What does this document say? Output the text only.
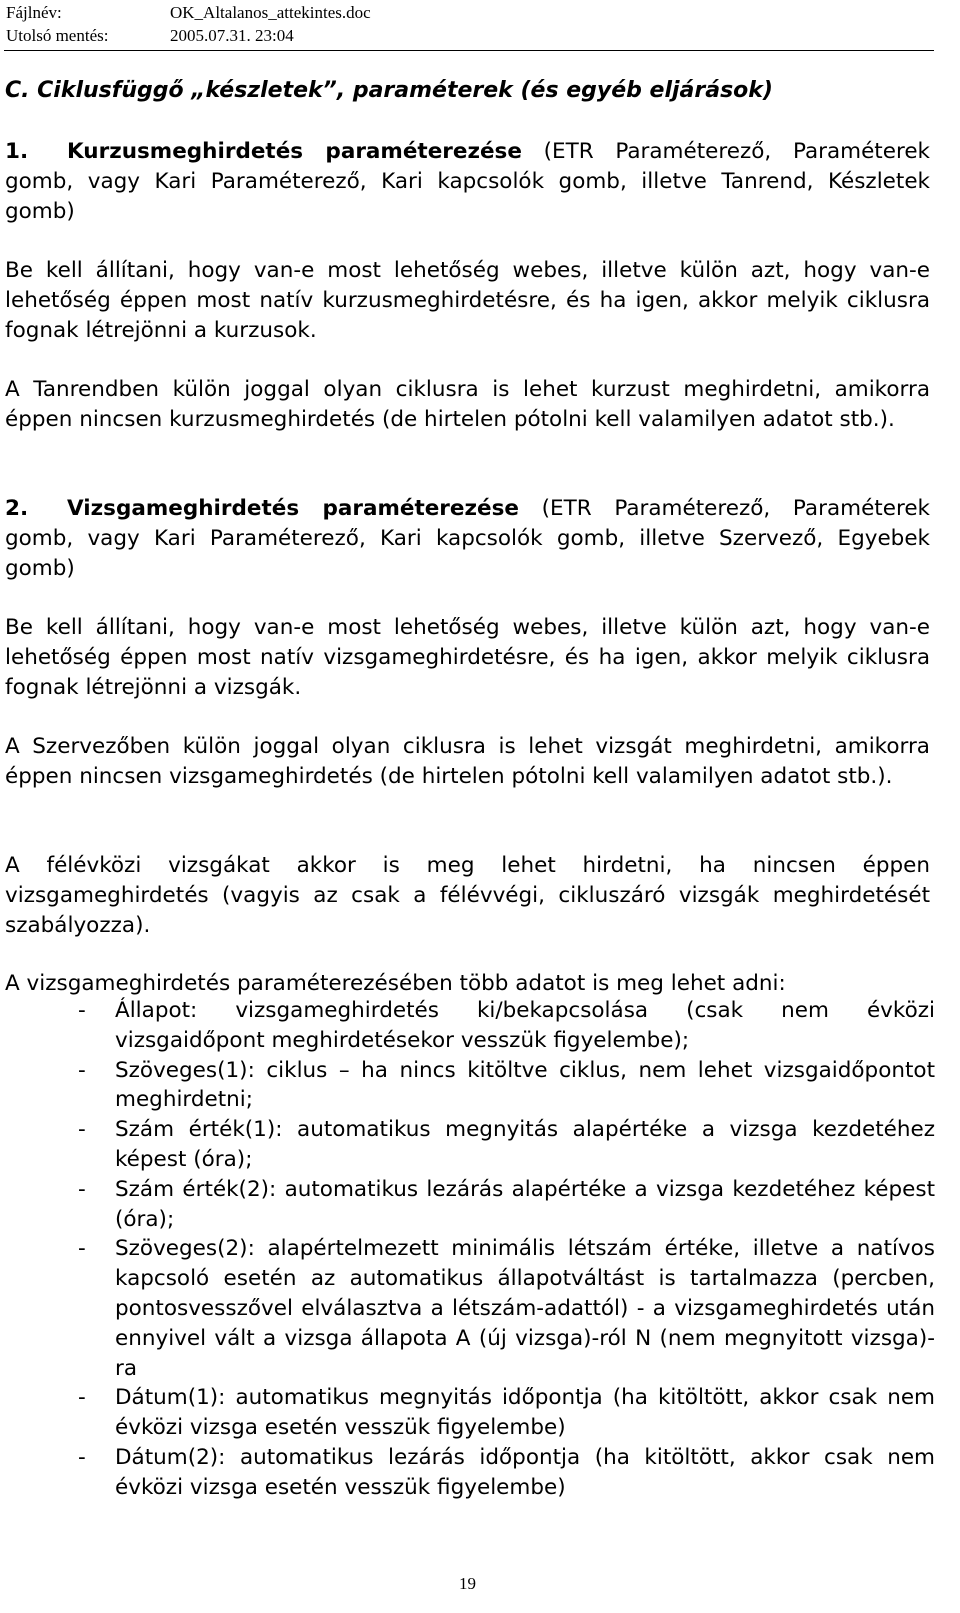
Fájlnév:	OK_Altalanos_attekintes.doc
Utolsó mentés:	2005.07.31. 23:04
C. Ciklusfüggő „készletek”, paraméterek (és egyéb eljárások)

1. Kurzusmeghirdetés paraméterezése (ETR Paraméterező, Paraméterek gomb, vagy Kari Paraméterező, Kari kapcsolók gomb, illetve Tanrend, Készletek gomb)

Be kell állítani, hogy van-e most lehetőség webes, illetve külön azt, hogy van-e lehetőség éppen most natív kurzusmeghirdetésre, és ha igen, akkor melyik ciklusra fognak létrejönni a kurzusok.

A Tanrendben külön joggal olyan ciklusra is lehet kurzust meghirdetni, amikorra éppen nincsen kurzusmeghirdetés (de hirtelen pótolni kell valamilyen adatot stb.).

2. Vizsgameghirdetés paraméterezése (ETR Paraméterező, Paraméterek gomb, vagy Kari Paraméterező, Kari kapcsolók gomb, illetve Szervező, Egyebek gomb)

Be kell állítani, hogy van-e most lehetőség webes, illetve külön azt, hogy van-e lehetőség éppen most natív vizsgameghirdetésre, és ha igen, akkor melyik ciklusra fognak létrejönni a vizsgák.

A Szervezőben külön joggal olyan ciklusra is lehet vizsgát meghirdetni, amikorra éppen nincsen vizsgameghirdetés (de hirtelen pótolni kell valamilyen adatot stb.).

A félévközi vizsgákat akkor is meg lehet hirdetni, ha nincsen éppen vizsgameghirdetés (vagyis az csak a félévvégi, cikluszáró vizsgák meghirdetését szabályozza).

A vizsgameghirdetés paraméterezésében több adatot is meg lehet adni:

- Állapot: vizsgameghirdetés ki/bekapcsolása (csak nem évközi vizsgaidőpont meghirdetésekor vesszük figyelembe);
- Szöveges(1): ciklus – ha nincs kitöltve ciklus, nem lehet vizsgaidőpontot meghirdetni;
- Szám érték(1): automatikus megnyitás alapértéke a vizsga kezdetéhez képest (óra);
- Szám érték(2): automatikus lezárás alapértéke a vizsga kezdetéhez képest (óra);
- Szöveges(2): alapértelmezett minimális létszám értéke, illetve a natívos kapcsoló esetén az automatikus állapotváltást is tartalmazza (percben, pontosvesszővel elválasztva a létszám-adattól) - a vizsgameghirdetés után ennyivel vált a vizsga állapota A (új vizsga)-ról N (nem megnyitott vizsga)-ra
- Dátum(1): automatikus megnyitás időpontja (ha kitöltött, akkor csak nem évközi vizsga esetén vesszük figyelembe)
- Dátum(2): automatikus lezárás időpontja (ha kitöltött, akkor csak nem évközi vizsga esetén vesszük figyelembe)
19
